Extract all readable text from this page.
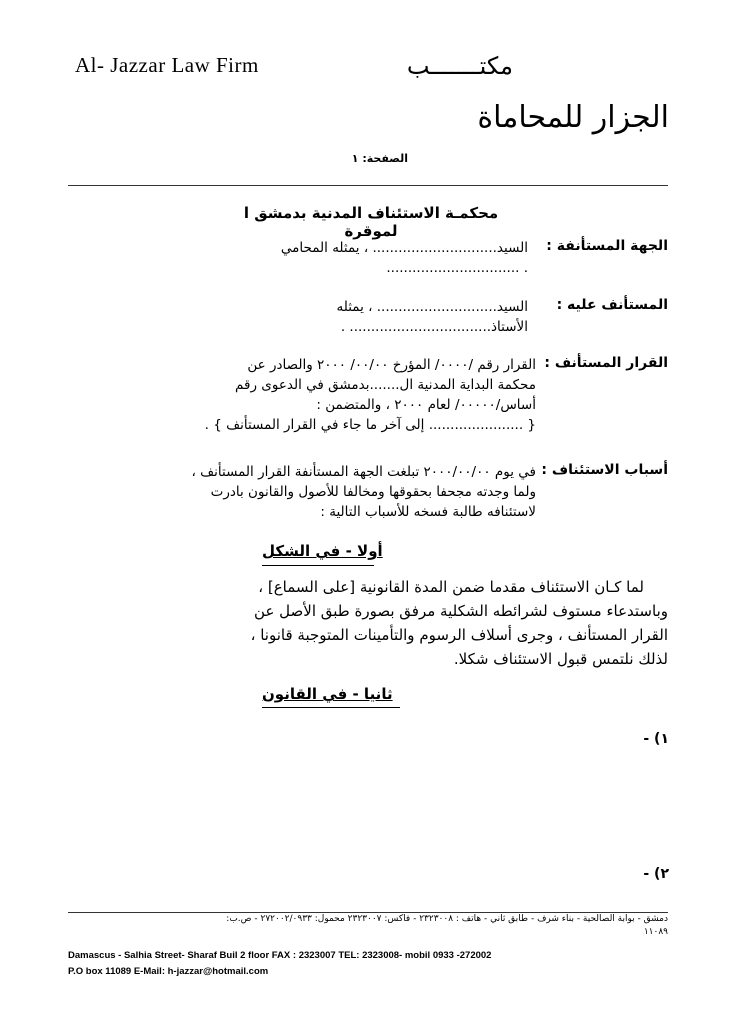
Al- Jazzar Law Firm	مكتـــــــب
الجزار للمحاماة
الصفحة: ١
محكمـة الاستئناف المدنية بدمشق ا لموقرة
الجهة المستأنفة :
السيد............................. ، يمثله المحامي
. ...............................
المستأنف عليه :
السيد............................ ، يمثله
الأستاذ................................. .
القرار المستأنف :
القرار رقم /٠٠٠٠/ المؤرخ ٠٠/٠٠/ ٢٠٠٠ والصادر عن
محكمة البداية المدنية ال.......بدمشق في الدعوى رقم
أساس/٠٠٠٠٠/ لعام ٢٠٠٠ ، والمتضمن :
{ ...................... إلى آخر ما جاء في القرار المستأنف } .
أسباب الاستئناف :
في يوم ٢٠٠٠/٠٠/٠٠ تبلغت الجهة المستأنفة القرار المستأنف ،
ولما وجدته مجحفا بحقوقها ومخالفا للأصول والقانون بادرت
لاستئنافه طالبة فسخه للأسباب التالية :
أولا - في الشكل
لما كـان الاستئناف مقدما ضمن المدة القانونية [على السماع] ،
وباستدعاء مستوف لشرائطه الشكلية مرفق بصورة طبق الأصل عن
القرار المستأنف ، وجرى أسلاف الرسوم والتأمينات المتوجبة قانونا ،
لذلك نلتمس قبول الاستئناف شكلا.
ثانيا - في القانون
١) -
٢) -
دمشق - بوابة الصالحية - بناء شرف - طابق ثاني - هاتف : ٢٣٢٣٠٠٨ - فاكس: ٢٣٢٣٠٠٧ محمول: ٢٧٢٠٠٢/٠٩٣٣ - ص.ب:
١١٠٨٩
Damascus - Salhia Street- Sharaf Buil 2 floor FAX : 2323007 TEL: 2323008- mobil 0933 -272002
P.O box 11089 E-Mail: h-jazzar@hotmail.com
